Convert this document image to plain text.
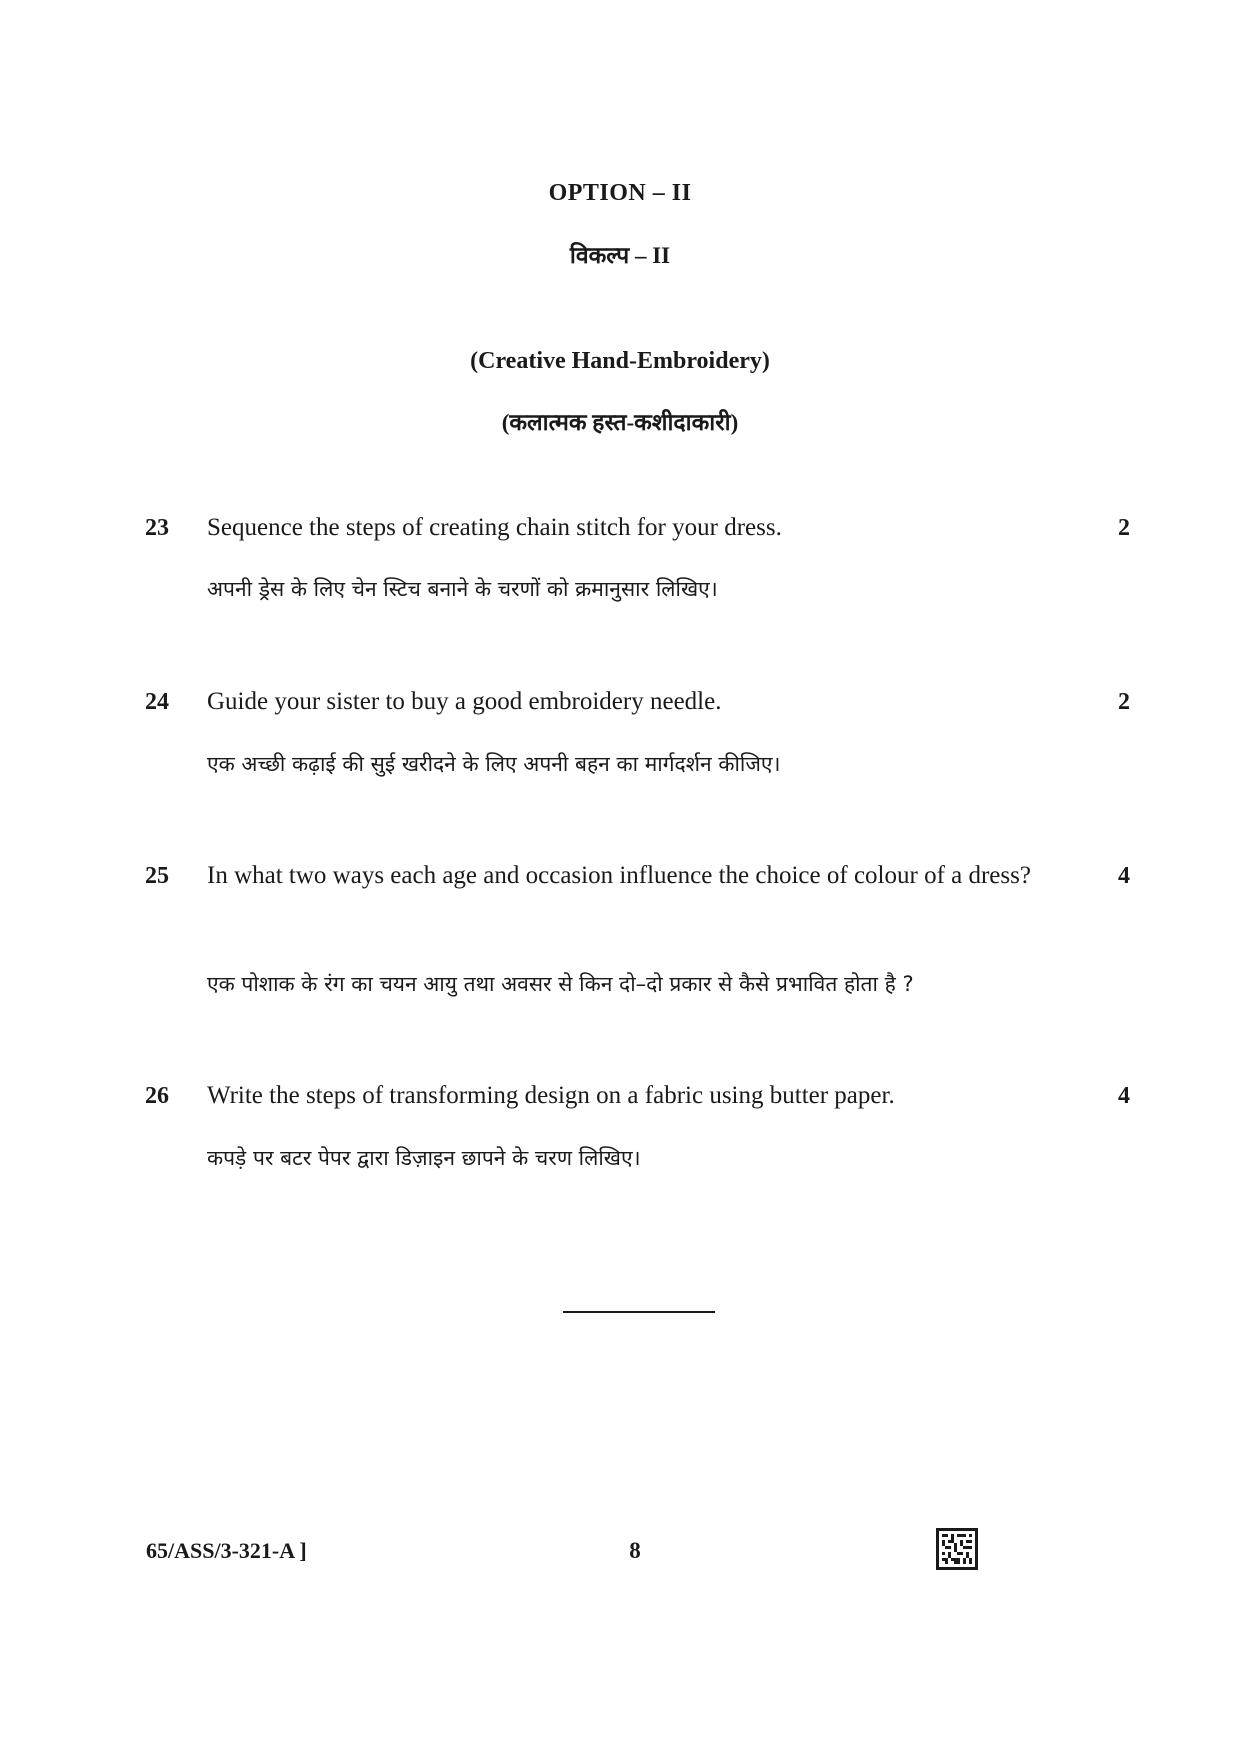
OPTION – II
विकल्प – II
(Creative Hand-Embroidery)
(कलात्मक हस्त-कशीदाकारी)
23 Sequence the steps of creating chain stitch for your dress.	2
अपनी ड्रेस के लिए चेन स्टिच बनाने के चरणों को क्रमानुसार लिखिए।
24 Guide your sister to buy a good embroidery needle.	2
एक अच्छी कढ़ाई की सुई खरीदने के लिए अपनी बहन का मार्गदर्शन कीजिए।
25 In what two ways each age and occasion influence the choice of colour of a dress?	4
एक पोशाक के रंग का चयन आयु तथा अवसर से किन दो–दो प्रकार से कैसे प्रभावित होता है ?
26 Write the steps of transforming design on a fabric using butter paper.	4
कपड़े पर बटर पेपर द्वारा डिज़ाइन छापने के चरण लिखिए।
65/ASS/3-321-A ]	8
